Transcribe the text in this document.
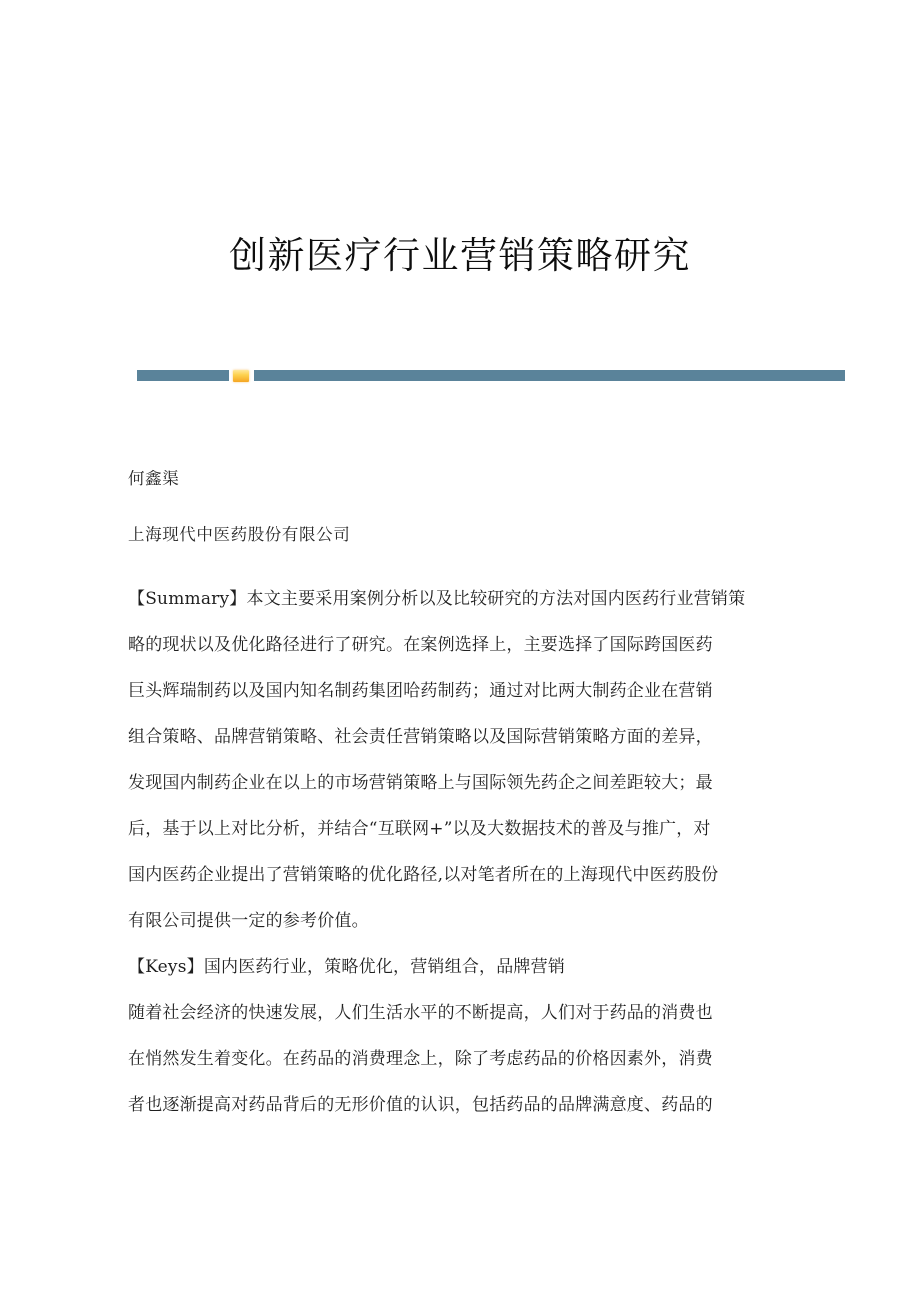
创新医疗行业营销策略研究

何鑫渠

上海现代中医药股份有限公司

【Summary】本文主要采用案例分析以及比较研究的方法对国内医药行业营销策
略的现状以及优化路径进行了研究。在案例选择上，主要选择了国际跨国医药
巨头辉瑞制药以及国内知名制药集团哈药制药；通过对比两大制药企业在营销
组合策略、品牌营销策略、社会责任营销策略以及国际营销策略方面的差异，
发现国内制药企业在以上的市场营销策略上与国际领先药企之间差距较大；最
后，基于以上对比分析，并结合“互联网+”以及大数据技术的普及与推广，对
国内医药企业提出了营销策略的优化路径,以对笔者所在的上海现代中医药股份
有限公司提供一定的参考价值。

【Keys】国内医药行业，策略优化，营销组合，品牌营销

随着社会经济的快速发展，人们生活水平的不断提高，人们对于药品的消费也
在悄然发生着变化。在药品的消费理念上，除了考虑药品的价格因素外，消费
者也逐渐提高对药品背后的无形价值的认识，包括药品的品牌满意度、药品的
